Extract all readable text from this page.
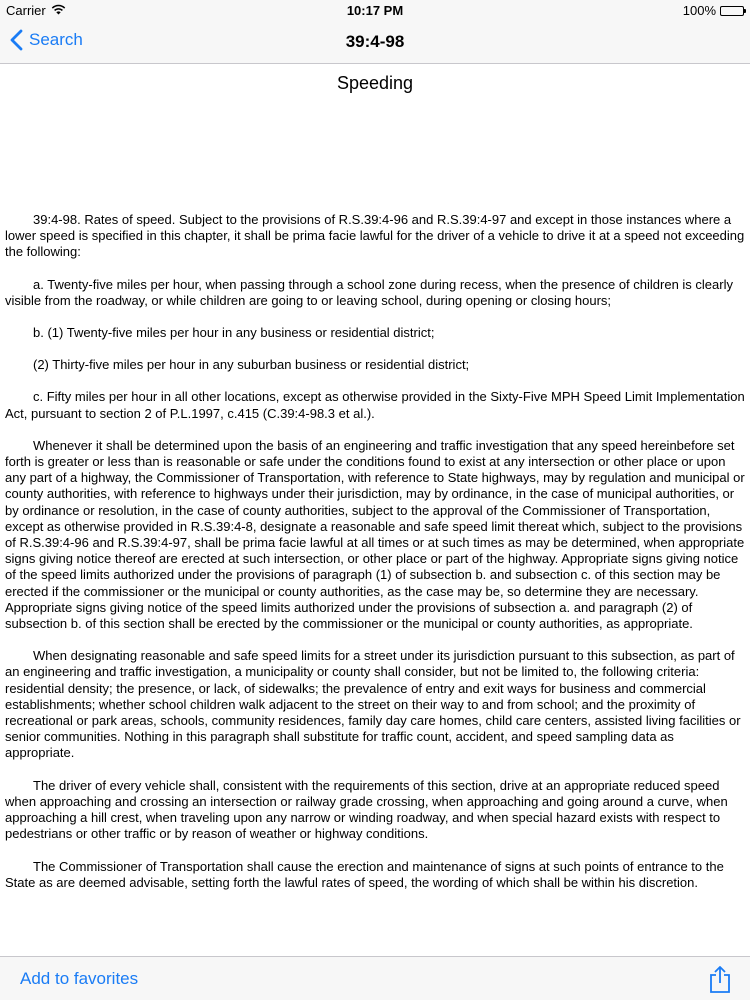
Carrier	10:17 PM	100%
Search	39:4-98
Speeding

39:4-98. Rates of speed. Subject to the provisions of R.S.39:4-96 and R.S.39:4-97 and except in those instances where a lower speed is specified in this chapter, it shall be prima facie lawful for the driver of a vehicle to drive it at a speed not exceeding the following:

a. Twenty-five miles per hour, when passing through a school zone during recess, when the presence of children is clearly visible from the roadway, or while children are going to or leaving school, during opening or closing hours;

b. (1) Twenty-five miles per hour in any business or residential district;

(2) Thirty-five miles per hour in any suburban business or residential district;

c. Fifty miles per hour in all other locations, except as otherwise provided in the Sixty-Five MPH Speed Limit Implementation Act, pursuant to section 2 of P.L.1997, c.415 (C.39:4-98.3 et al.).

Whenever it shall be determined upon the basis of an engineering and traffic investigation that any speed hereinbefore set forth is greater or less than is reasonable or safe under the conditions found to exist at any intersection or other place or upon any part of a highway, the Commissioner of Transportation, with reference to State highways, may by regulation and municipal or county authorities, with reference to highways under their jurisdiction, may by ordinance, in the case of municipal authorities, or by ordinance or resolution, in the case of county authorities, subject to the approval of the Commissioner of Transportation, except as otherwise provided in R.S.39:4-8, designate a reasonable and safe speed limit thereat which, subject to the provisions of R.S.39:4-96 and R.S.39:4-97, shall be prima facie lawful at all times or at such times as may be determined, when appropriate signs giving notice thereof are erected at such intersection, or other place or part of the highway. Appropriate signs giving notice of the speed limits authorized under the provisions of paragraph (1) of subsection b. and subsection c. of this section may be erected if the commissioner or the municipal or county authorities, as the case may be, so determine they are necessary. Appropriate signs giving notice of the speed limits authorized under the provisions of subsection a. and paragraph (2) of subsection b. of this section shall be erected by the commissioner or the municipal or county authorities, as appropriate.

When designating reasonable and safe speed limits for a street under its jurisdiction pursuant to this subsection, as part of an engineering and traffic investigation, a municipality or county shall consider, but not be limited to, the following criteria: residential density; the presence, or lack, of sidewalks; the prevalence of entry and exit ways for business and commercial establishments; whether school children walk adjacent to the street on their way to and from school; and the proximity of recreational or park areas, schools, community residences, family day care homes, child care centers, assisted living facilities or senior communities. Nothing in this paragraph shall substitute for traffic count, accident, and speed sampling data as appropriate.

The driver of every vehicle shall, consistent with the requirements of this section, drive at an appropriate reduced speed when approaching and crossing an intersection or railway grade crossing, when approaching and going around a curve, when approaching a hill crest, when traveling upon any narrow or winding roadway, and when special hazard exists with respect to pedestrians or other traffic or by reason of weather or highway conditions.

The Commissioner of Transportation shall cause the erection and maintenance of signs at such points of entrance to the State as are deemed advisable, setting forth the lawful rates of speed, the wording of which shall be within his discretion.

Add to favorites
